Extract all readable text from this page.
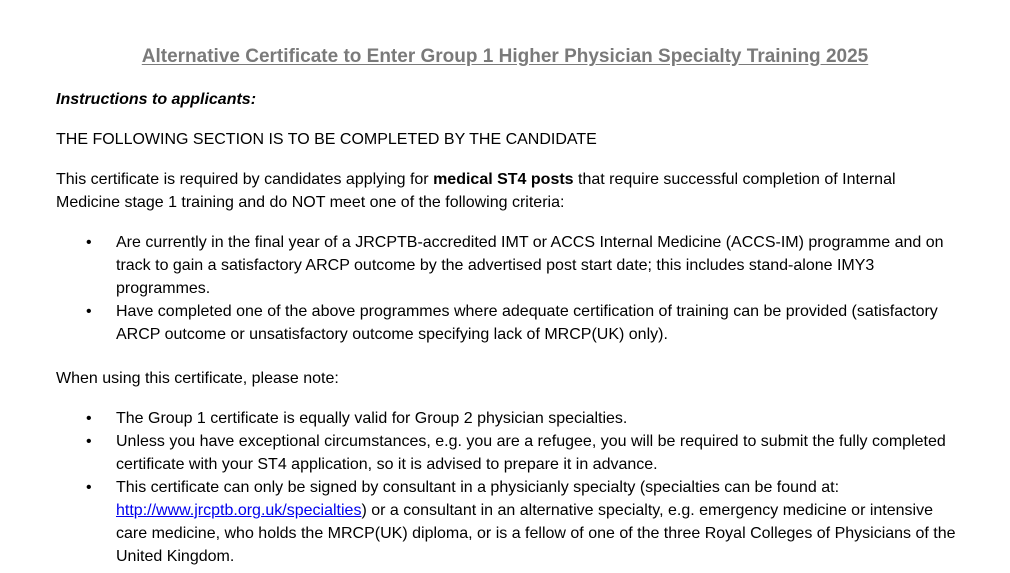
Alternative Certificate to Enter Group 1 Higher Physician Specialty Training 2025

Instructions to applicants:

THE FOLLOWING SECTION IS TO BE COMPLETED BY THE CANDIDATE

This certificate is required by candidates applying for medical ST4 posts that require successful completion of Internal Medicine stage 1 training and do NOT meet one of the following criteria:

• Are currently in the final year of a JRCPTB-accredited IMT or ACCS Internal Medicine (ACCS-IM) programme and on track to gain a satisfactory ARCP outcome by the advertised post start date; this includes stand-alone IMY3 programmes.
• Have completed one of the above programmes where adequate certification of training can be provided (satisfactory ARCP outcome or unsatisfactory outcome specifying lack of MRCP(UK) only).

When using this certificate, please note:

• The Group 1 certificate is equally valid for Group 2 physician specialties.
• Unless you have exceptional circumstances, e.g. you are a refugee, you will be required to submit the fully completed certificate with your ST4 application, so it is advised to prepare it in advance.
• This certificate can only be signed by consultant in a physicianly specialty (specialties can be found at: http://www.jrcptb.org.uk/specialties) or a consultant in an alternative specialty, e.g. emergency medicine or intensive care medicine, who holds the MRCP(UK) diploma, or is a fellow of one of the three Royal Colleges of Physicians of the United Kingdom.
